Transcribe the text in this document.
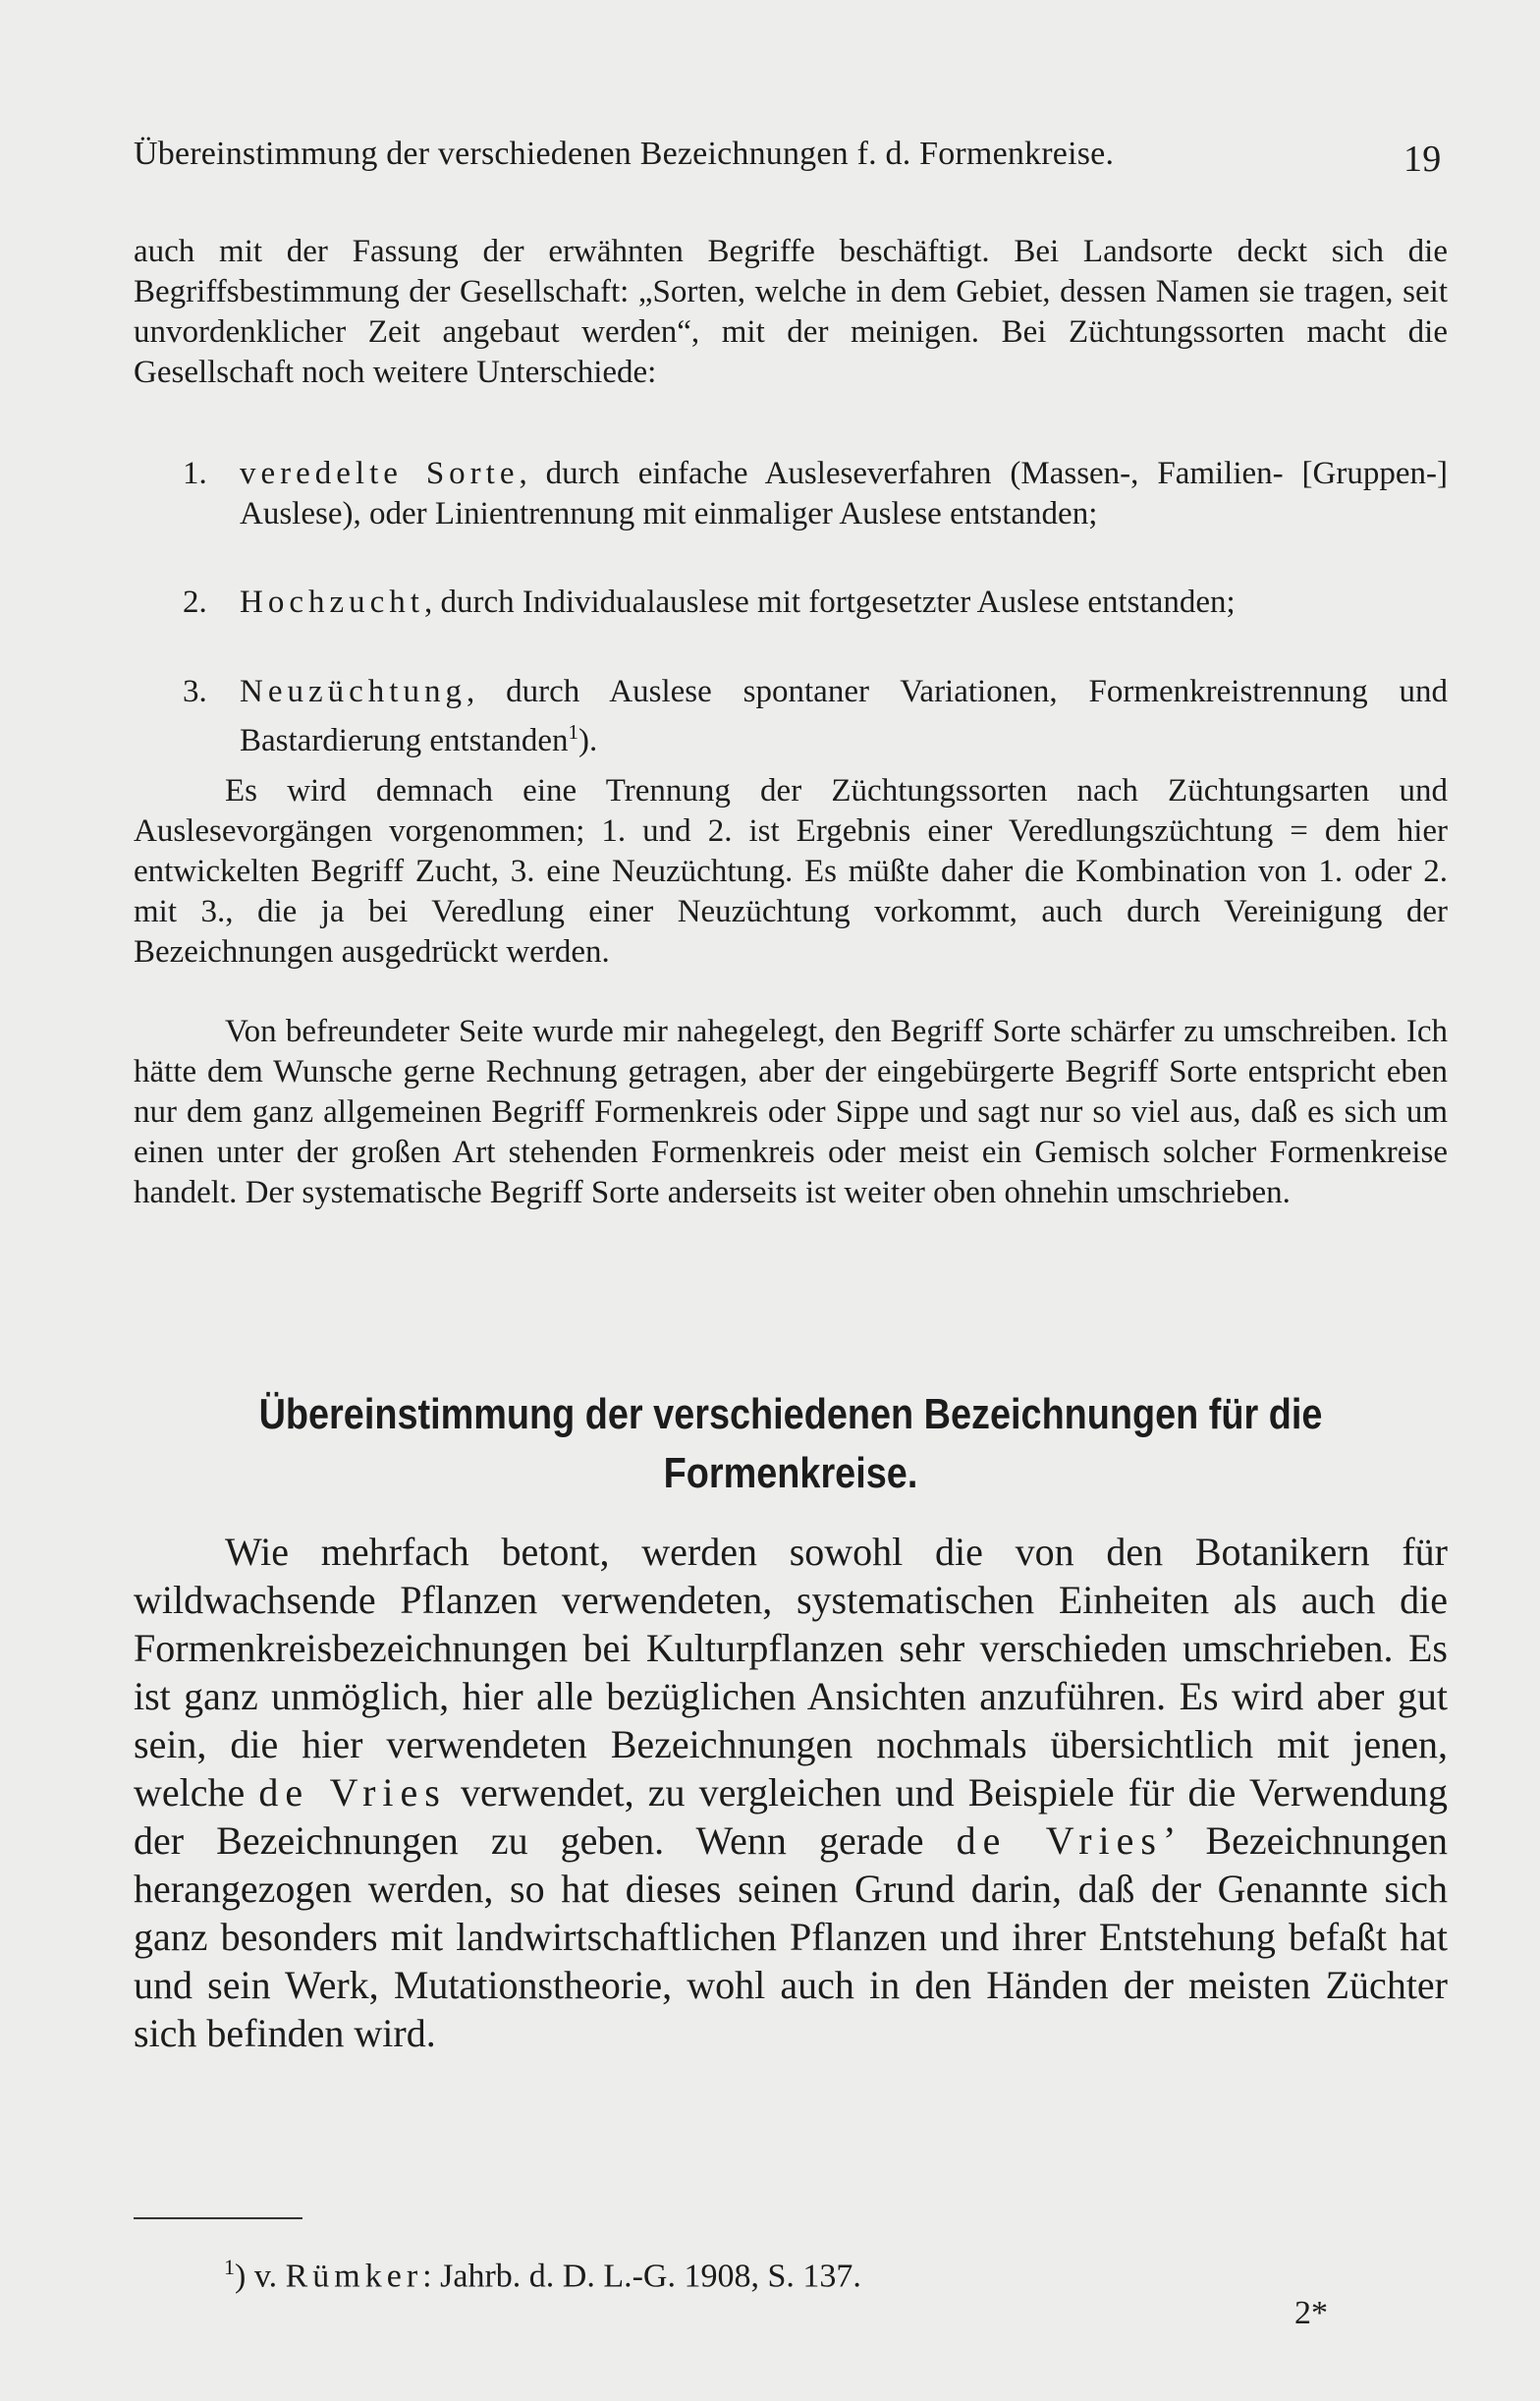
Übereinstimmung der verschiedenen Bezeichnungen f. d. Formenkreise.	19

auch mit der Fassung der erwähnten Begriffe beschäftigt. Bei Landsorte deckt sich die Begriffsbestimmung der Gesellschaft: „Sorten, welche in dem Gebiet, dessen Namen sie tragen, seit unvordenklicher Zeit angebaut werden“, mit der meinigen. Bei Züchtungssorten macht die Gesellschaft noch weitere Unterschiede:

1. veredelte Sorte, durch einfache Ausleseverfahren (Massen-, Familien- [Gruppen-] Auslese), oder Linientrennung mit einmaliger Auslese entstanden;
2. Hochzucht, durch Individualauslese mit fortgesetzter Auslese entstanden;
3. Neuzüchtung, durch Auslese spontaner Variationen, Formenkreistrennung und Bastardierung entstanden$^1$).

Es wird demnach eine Trennung der Züchtungssorten nach Züchtungsarten und Auslesevorgängen vorgenommen; 1. und 2. ist Ergebnis einer Veredlungszüchtung = dem hier entwickelten Begriff Zucht, 3. eine Neuzüchtung. Es müßte daher die Kombination von 1. oder 2. mit 3., die ja bei Veredlung einer Neuzüchtung vorkommt, auch durch Vereinigung der Bezeichnungen ausgedrückt werden.

Von befreundeter Seite wurde mir nahegelegt, den Begriff Sorte schärfer zu umschreiben. Ich hätte dem Wunsche gerne Rechnung getragen, aber der eingebürgerte Begriff Sorte entspricht eben nur dem ganz allgemeinen Begriff Formenkreis oder Sippe und sagt nur so viel aus, daß es sich um einen unter der großen Art stehenden Formenkreis oder meist ein Gemisch solcher Formenkreise handelt. Der systematische Begriff Sorte anderseits ist weiter oben ohnehin umschrieben.

Übereinstimmung der verschiedenen Bezeichnungen für die Formenkreise.

Wie mehrfach betont, werden sowohl die von den Botanikern für wildwachsende Pflanzen verwendeten, systematischen Einheiten als auch die Formenkreisbezeichnungen bei Kulturpflanzen sehr verschieden umschrieben. Es ist ganz unmöglich, hier alle bezüglichen Ansichten anzuführen. Es wird aber gut sein, die hier verwendeten Bezeichnungen nochmals übersichtlich mit jenen, welche de Vries verwendet, zu vergleichen und Beispiele für die Verwendung der Bezeichnungen zu geben. Wenn gerade de Vries’ Bezeichnungen herangezogen werden, so hat dieses seinen Grund darin, daß der Genannte sich ganz besonders mit landwirtschaftlichen Pflanzen und ihrer Entstehung befaßt hat und sein Werk, Mutationstheorie, wohl auch in den Händen der meisten Züchter sich befinden wird.

$^1$) v. Rümker: Jahrb. d. D. L.-G. 1908, S. 137.
2*
